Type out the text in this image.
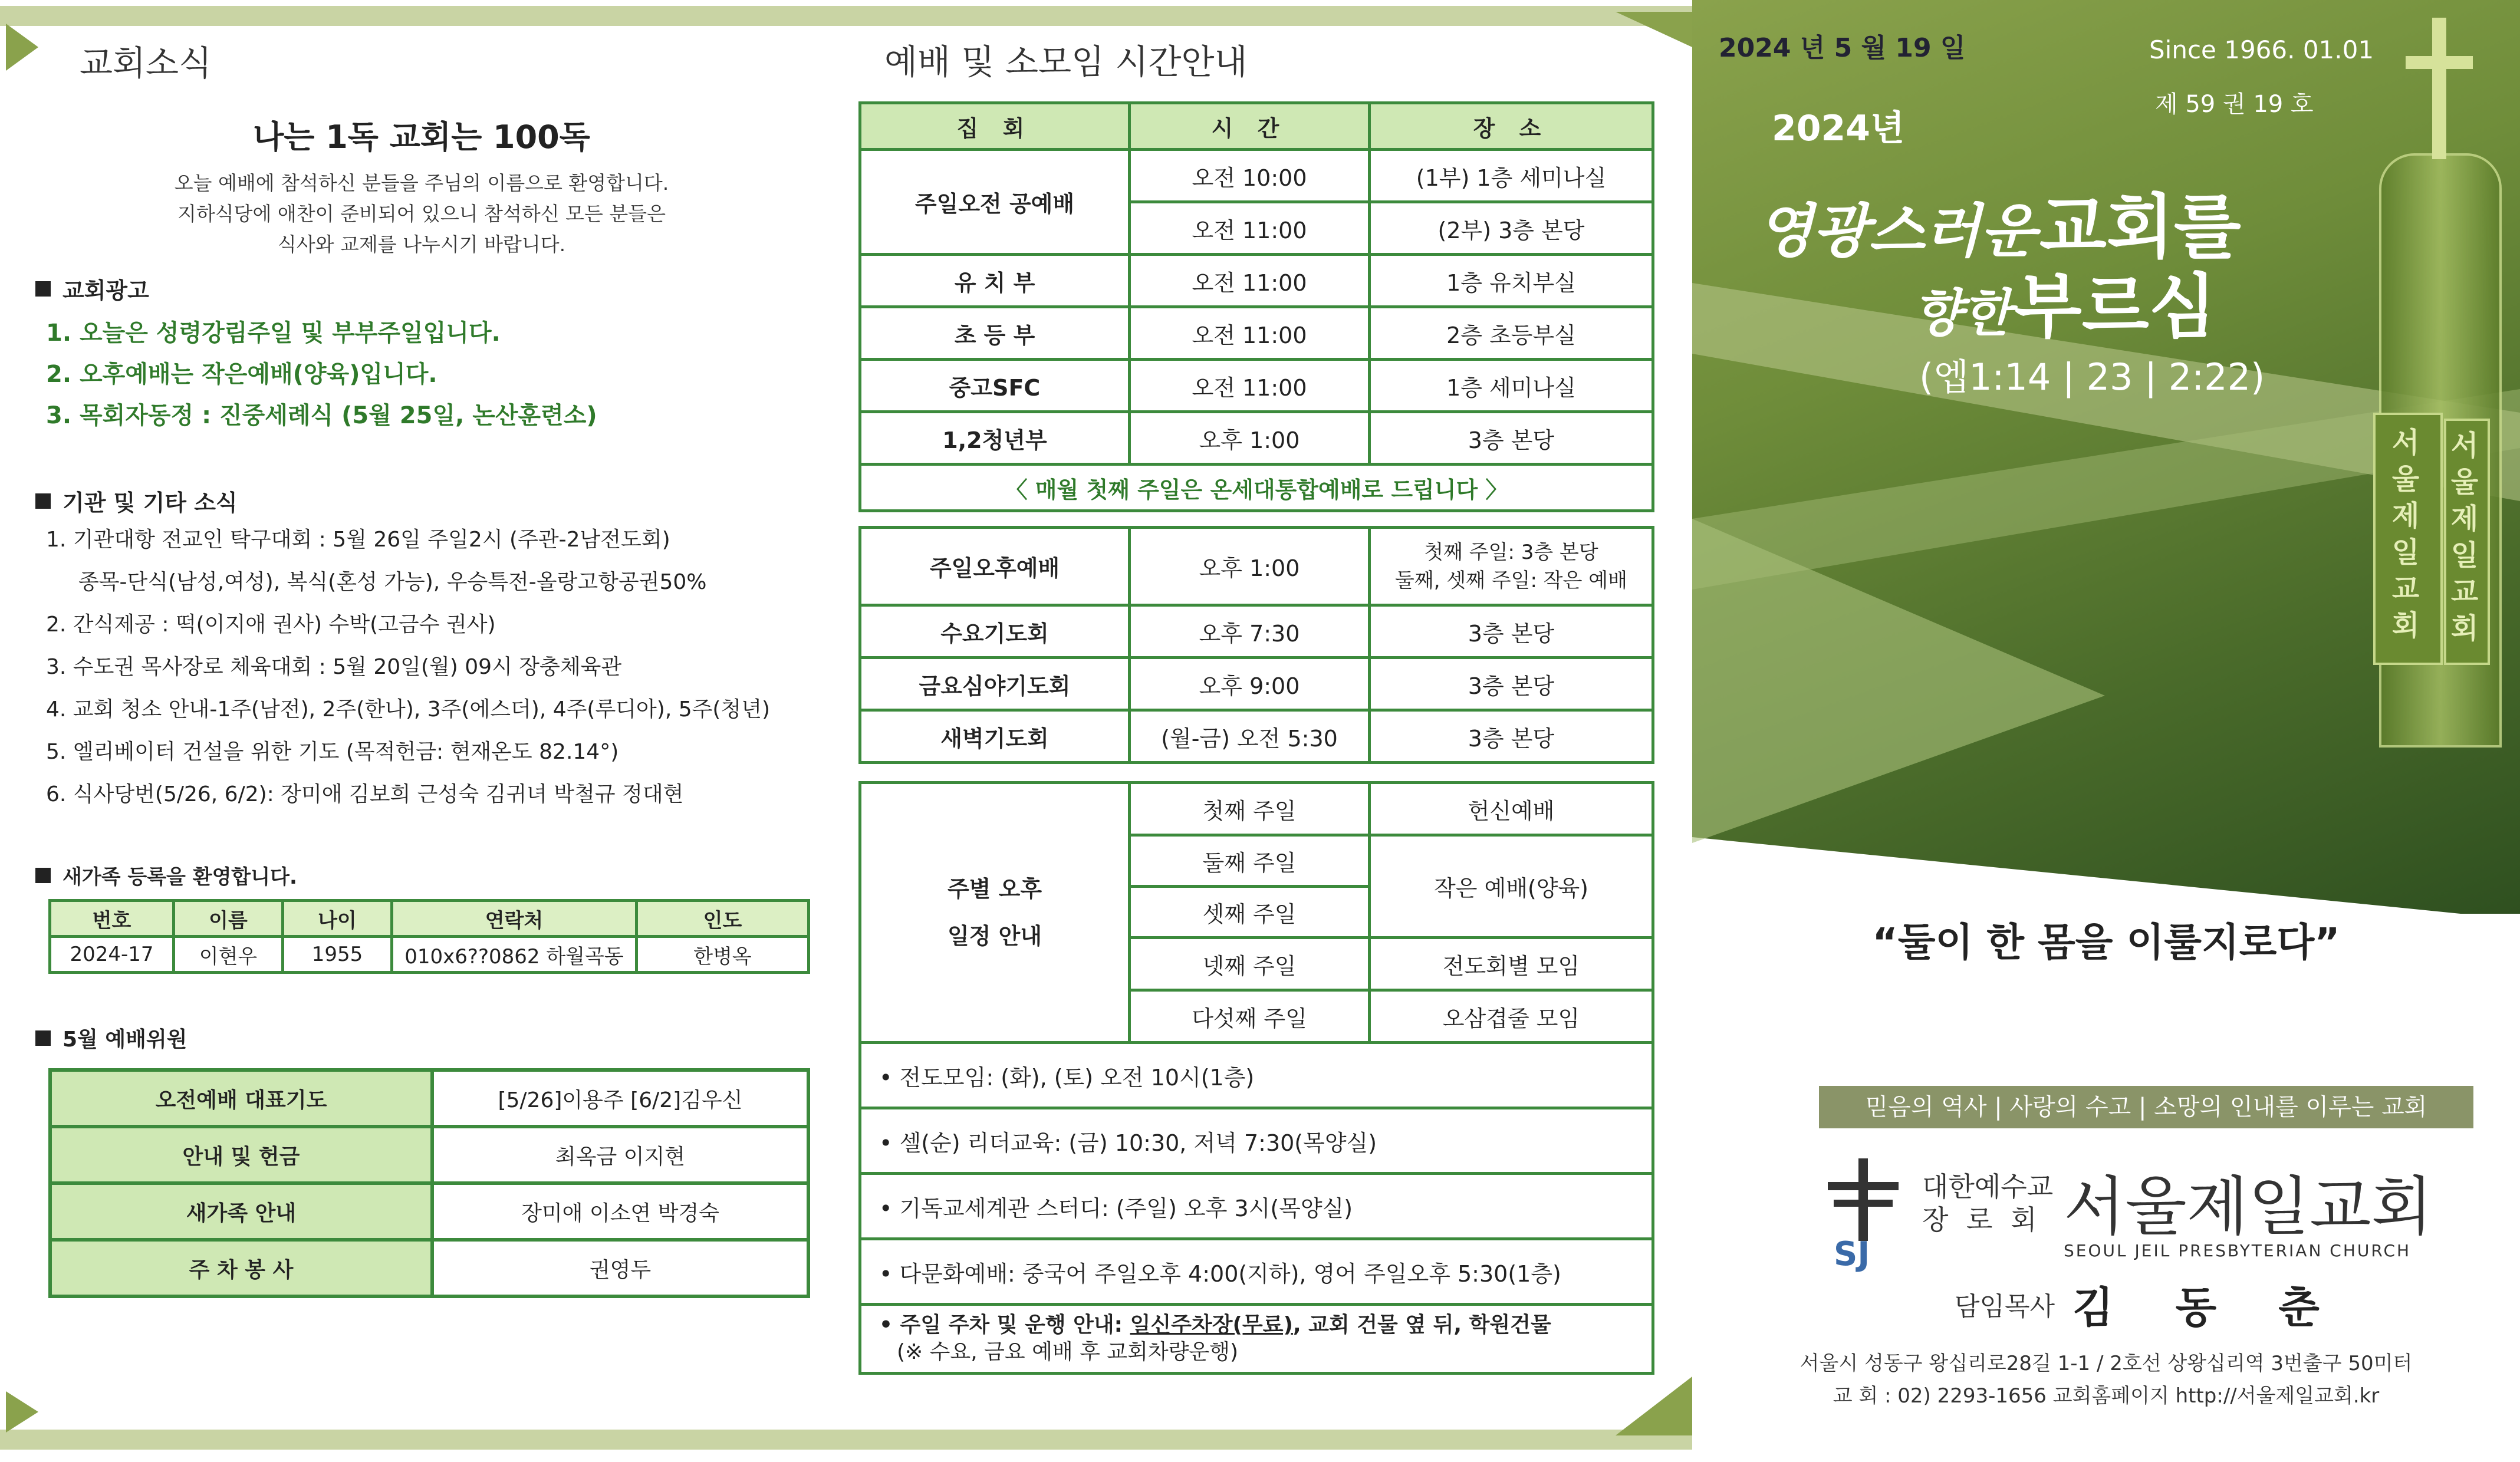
교회소식
나는 1독 교회는 100독
오늘 예배에 참석하신 분들을 주님의 이름으로 환영합니다.
지하식당에 애찬이 준비되어 있으니 참석하신 모든 분들은
식사와 교제를 나누시기 바랍니다.
교회광고
1. 오늘은 성령강림주일 및 부부주일입니다.
2. 오후예배는 작은예배(양육)입니다.
3. 목회자동정 : 진중세례식 (5월 25일, 논산훈련소)
기관 및 기타 소식
1. 기관대항 전교인 탁구대회 : 5월 26일 주일2시 (주관-2남전도회)
종목-단식(남성,여성), 복식(혼성 가능), 우승특전-올랑고항공권50%
2. 간식제공 : 떡(이지애 권사) 수박(고금수 권사)
3. 수도권 목사장로 체육대회 : 5월 20일(월) 09시 장충체육관
4. 교회 청소 안내-1주(남전), 2주(한나), 3주(에스더), 4주(루디아), 5주(청년)
5. 엘리베이터 건설을 위한 기도 (목적헌금: 현재온도 82.14°)
6. 식사당번(5/26, 6/2): 장미애 김보희 근성숙 김귀녀 박철규 정대현
새가족 등록을 환영합니다.
번호	이름	나이	연락처	인도
2024-17	이현우	1955	010x6??0862 하월곡동	한병옥
5월 예배위원
오전예배 대표기도	[5/26]이용주 [6/2]김우신
안내 및 헌금	최옥금 이지현
새가족 안내	장미애 이소연 박경숙
주 차 봉 사	권영두
예배 및 소모임 시간안내
집 회	시 간	장 소
주일오전 공예배	오전 10:00	(1부) 1층 세미나실
	오전 11:00	(2부) 3층 본당
유 치 부	오전 11:00	1층 유치부실
초 등 부	오전 11:00	2층 초등부실
중고SFC	오전 11:00	1층 세미나실
1,2청년부	오후 1:00	3층 본당
〈 매월 첫째 주일은 온세대통합예배로 드립니다 〉		
주일오후예배	오후 1:00	첫째 주일: 3층 본당
둘째, 셋째 주일: 작은 예배

수요기도회	오후 7:30	3층 본당
금요심야기도회	오후 9:00	3층 본당
새벽기도회	(월-금) 오전 5:30	3층 본당
주별 오후
일정 안내	첫째 주일	헌신예배
	둘째 주일	작은 예배(양육)
	셋째 주일	
	넷째 주일	전도회별 모임
	다섯째 주일	오삼겹줄 모임
• 전도모임: (화), (토) 오전 10시(1층)		
• 셀(순) 리더교육: (금) 10:30, 저녁 7:30(목양실)		
• 기독교세계관 스터디: (주일) 오후 3시(목양실)		
• 다문화예배: 중국어 주일오후 4:00(지하), 영어 주일오후 5:30(1층)		

• 주일 주차 및 운행 안내: 일신주차장(무료), 교회 건물 옆 뒤, 학원건물
(※ 수요, 금요 예배 후 교회차량운행)		
서울제일교회
서울제일교회
2024 년 5 월 19 일	Since 1966. 01.01
제 59 권 19 호
2024년
영광스러운 교회를
향한 부르심
(엡1:14 | 23 | 2:22)
“둘이 한 몸을 이룰지로다”
믿음의 역사 | 사랑의 수고 | 소망의 인내를 이루는 교회
SJ
대한예수교
장 로 회 서울제일교회
SEOUL JEIL PRESBYTERIAN CHURCH
담임목사 김 동 춘
서울시 성동구 왕십리로28길 1-1 / 2호선 상왕십리역 3번출구 50미터
교 회 : 02) 2293-1656 교회홈페이지 http://서울제일교회.kr
